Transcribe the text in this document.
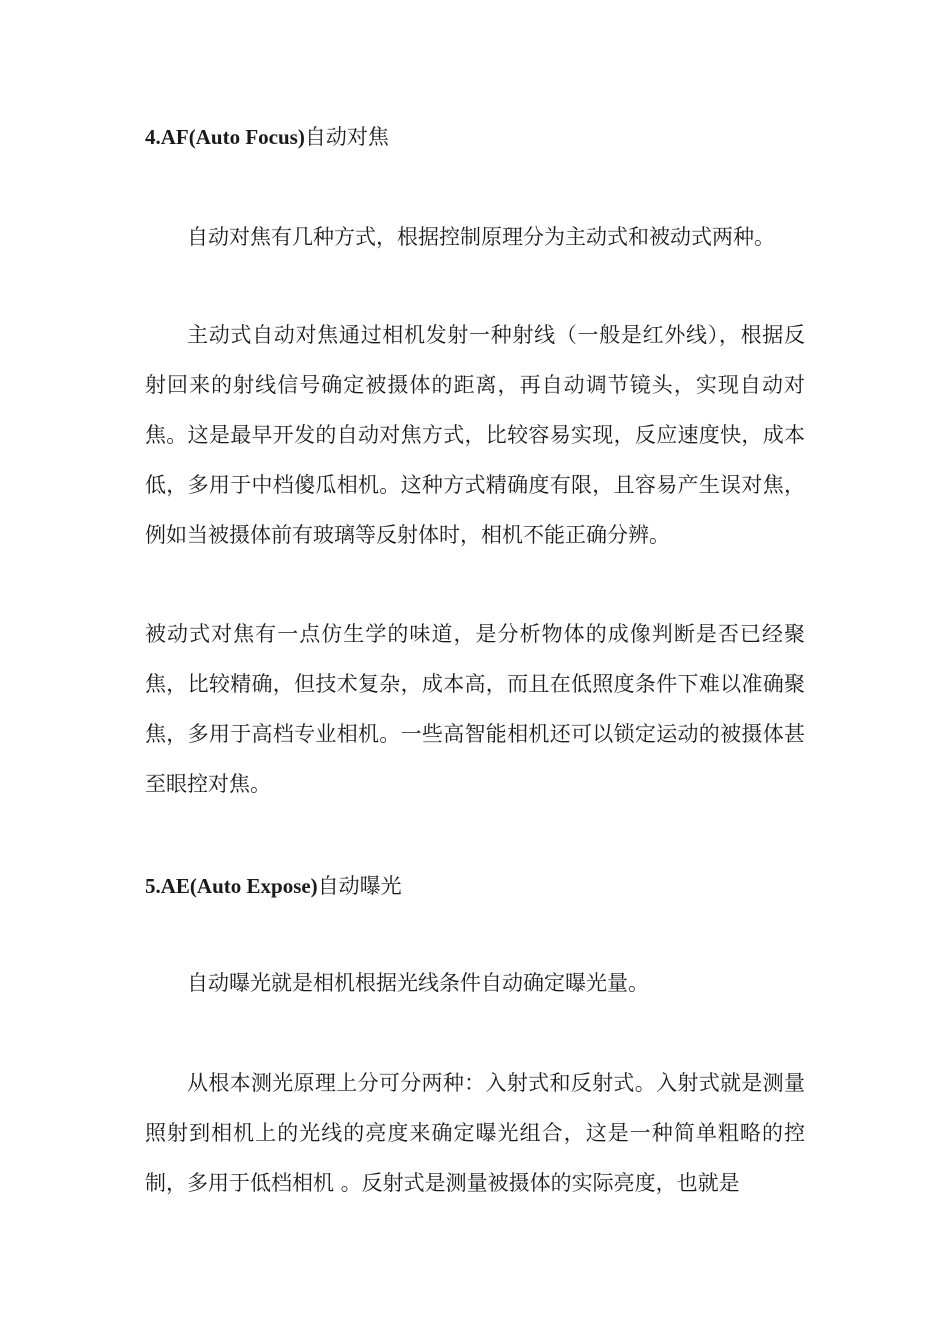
4.AF(Auto Focus)自动对焦

自动对焦有几种方式，根据控制原理分为主动式和被动式两种。

主动式自动对焦通过相机发射一种射线（一般是红外线），根据反射回来的射线信号确定被摄体的距离，再自动调节镜头，实现自动对焦。这是最早开发的自动对焦方式，比较容易实现，反应速度快，成本低，多用于中档傻瓜相机。这种方式精确度有限，且容易产生误对焦，例如当被摄体前有玻璃等反射体时，相机不能正确分辨。

被动式对焦有一点仿生学的味道，是分析物体的成像判断是否已经聚焦，比较精确，但技术复杂，成本高，而且在低照度条件下难以准确聚焦，多用于高档专业相机。一些高智能相机还可以锁定运动的被摄体甚至眼控对焦。

5.AE(Auto Expose)自动曝光

自动曝光就是相机根据光线条件自动确定曝光量。

从根本测光原理上分可分两种：入射式和反射式。入射式就是测量照射到相机上的光线的亮度来确定曝光组合，这是一种简单粗略的控制，多用于低档相机 。反射式是测量被摄体的实际亮度，也就是
